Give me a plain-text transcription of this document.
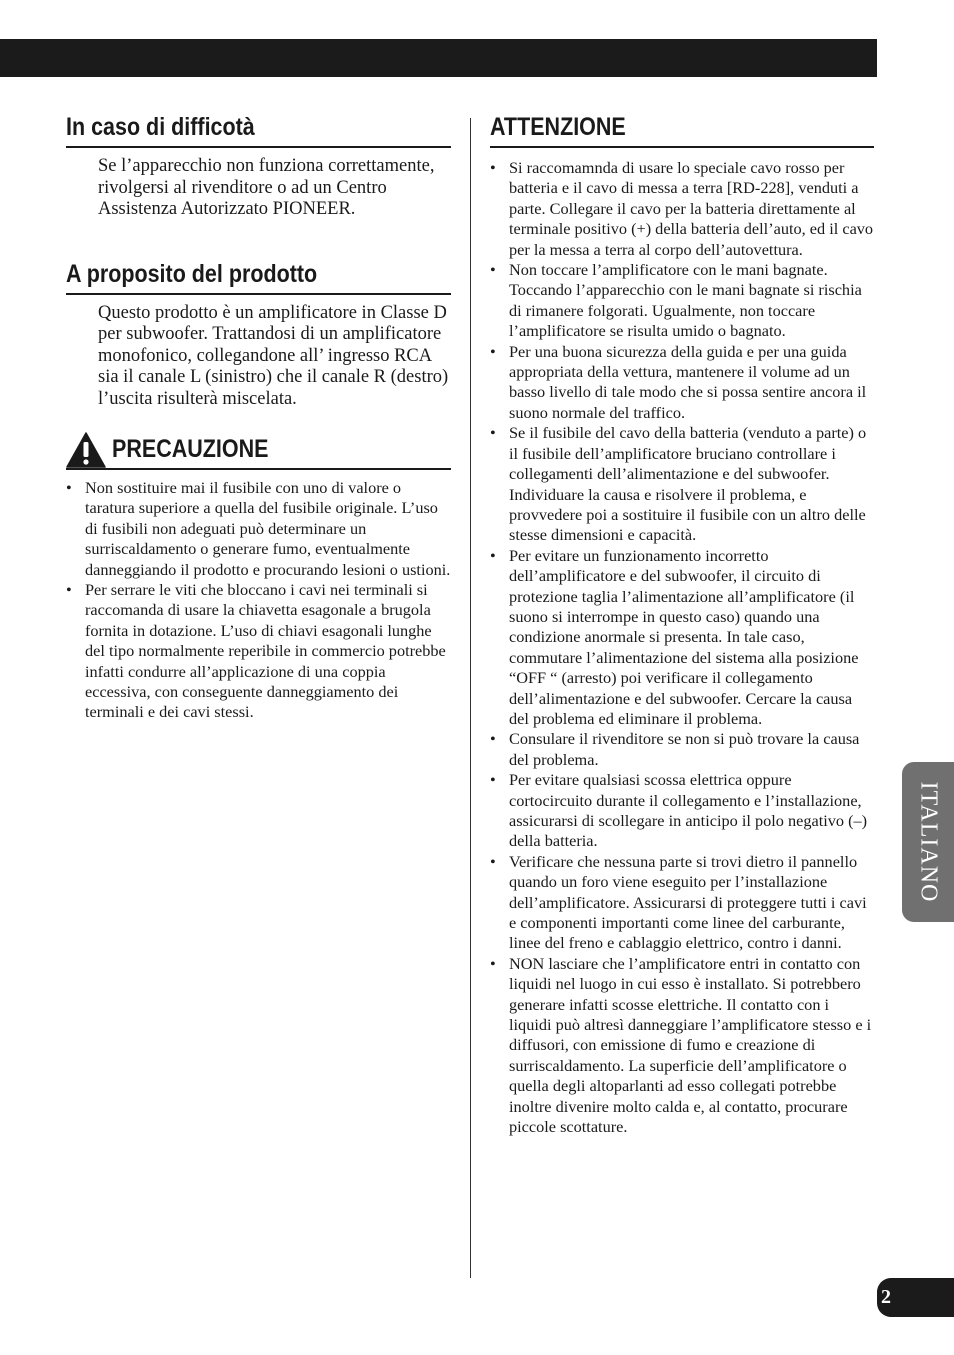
In caso di difficotà

Se l’apparecchio non funziona correttamente, rivolgersi al rivenditore o ad un Centro Assistenza Autorizzato PIONEER.

A proposito del prodotto

Questo prodotto è un amplificatore in Classe D per subwoofer. Trattandosi di un amplificatore monofonico, collegandone all’ ingresso RCA sia il canale L (sinistro) che il canale R (destro) l’uscita risulterà miscelata.

PRECAUZIONE
• Non sostituire mai il fusibile con uno di valore o taratura superiore a quella del fusibile originale. L’uso di fusibili non adeguati può determinare un surriscaldamento o generare fumo, eventualmente danneggiando il prodotto e procurando lesioni o ustioni.
• Per serrare le viti che bloccano i cavi nei terminali si raccomanda di usare la chiavetta esagonale a brugola fornita in dotazione. L’uso di chiavi esagonali lunghe del tipo normalmente reperibile in commercio potrebbe infatti condurre all’applicazione di una coppia eccessiva, con conseguente danneggiamento dei terminali e dei cavi stessi.
ATTENZIONE
• Si raccomamnda di usare lo speciale cavo rosso per batteria e il cavo di messa a terra [RD-228], venduti a parte. Collegare il cavo per la batteria direttamente al terminale positivo (+) della batteria dell’auto, ed il cavo per la messa a terra al corpo dell’autovettura.
• Non toccare l’amplificatore con le mani bagnate. Toccando l’apparecchio con le mani bagnate si rischia di rimanere folgorati. Ugualmente, non toccare l’amplificatore se risulta umido o bagnato.
• Per una buona sicurezza della guida e per una guida appropriata della vettura, mantenere il volume ad un basso livello di tale modo che si possa sentire ancora il suono normale del traffico.
• Se il fusibile del cavo della batteria (venduto a parte) o il fusibile dell’amplificatore bruciano controllare i collegamenti dell’alimentazione e del subwoofer. Individuare la causa e risolvere il problema, e provvedere poi a sostituire il fusibile con un altro delle stesse dimensioni e capacità.
• Per evitare un funzionamento incorretto dell’amplificatore e del subwoofer, il circuito di protezione taglia l’alimentazione all’amplificatore (il suono si interrompe in questo caso) quando una condizione anormale si presenta. In tale caso, commutare l’alimentazione del sistema alla posizione “OFF “ (arresto) poi verificare il collegamento dell’alimentazione e del subwoofer. Cercare la causa del problema ed eliminare il problema.
• Consulare il rivenditore se non si può trovare la causa del problema.
• Per evitare qualsiasi scossa elettrica oppure cortocircuito durante il collegamento e l’installazione, assicurarsi di scollegare in anticipo il polo negativo (–) della batteria.
• Verificare che nessuna parte si trovi dietro il pannello quando un foro viene eseguito per l’installazione dell’amplificatore. Assicurarsi di proteggere tutti i cavi e componenti importanti come linee del carburante, linee del freno e cablaggio elettrico, contro i danni.
• NON lasciare che l’amplificatore entri in contatto con liquidi nel luogo in cui esso è installato. Si potrebbero generare infatti scosse elettriche. Il contatto con i liquidi può altresì danneggiare l’amplificatore stesso e i diffusori, con emissione di fumo e creazione di surriscaldamento. La superficie dell’amplificatore o quella degli altoparlanti ad esso collegati potrebbe inoltre divenire molto calda e, al contatto, procurare piccole scottature.
ITALIANO
2
